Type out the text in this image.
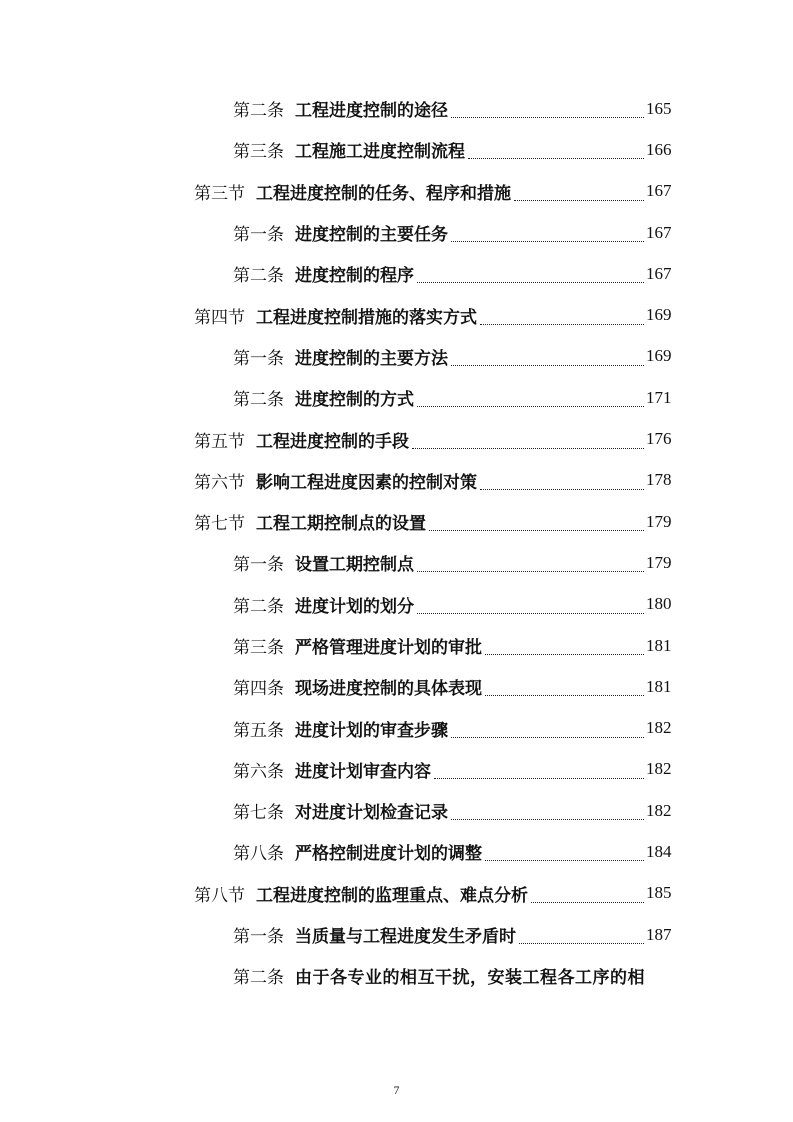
第二条 工程进度控制的途径	165
第三条 工程施工进度控制流程	166
第三节 工程进度控制的任务、程序和措施	167
第一条 进度控制的主要任务	167
第二条 进度控制的程序	167
第四节 工程进度控制措施的落实方式	169
第一条 进度控制的主要方法	169
第二条 进度控制的方式	171
第五节 工程进度控制的手段	176
第六节 影响工程进度因素的控制对策	178
第七节 工程工期控制点的设置	179
第一条 设置工期控制点	179
第二条 进度计划的划分	180
第三条 严格管理进度计划的审批	181
第四条 现场进度控制的具体表现	181
第五条 进度计划的审查步骤	182
第六条 进度计划审查内容	182
第七条 对进度计划检查记录	182
第八条 严格控制进度计划的调整	184
第八节 工程进度控制的监理重点、难点分析	185
第一条 当质量与工程进度发生矛盾时	187
第二条 由于各专业的相互干扰，安装工程各工序的相
7
